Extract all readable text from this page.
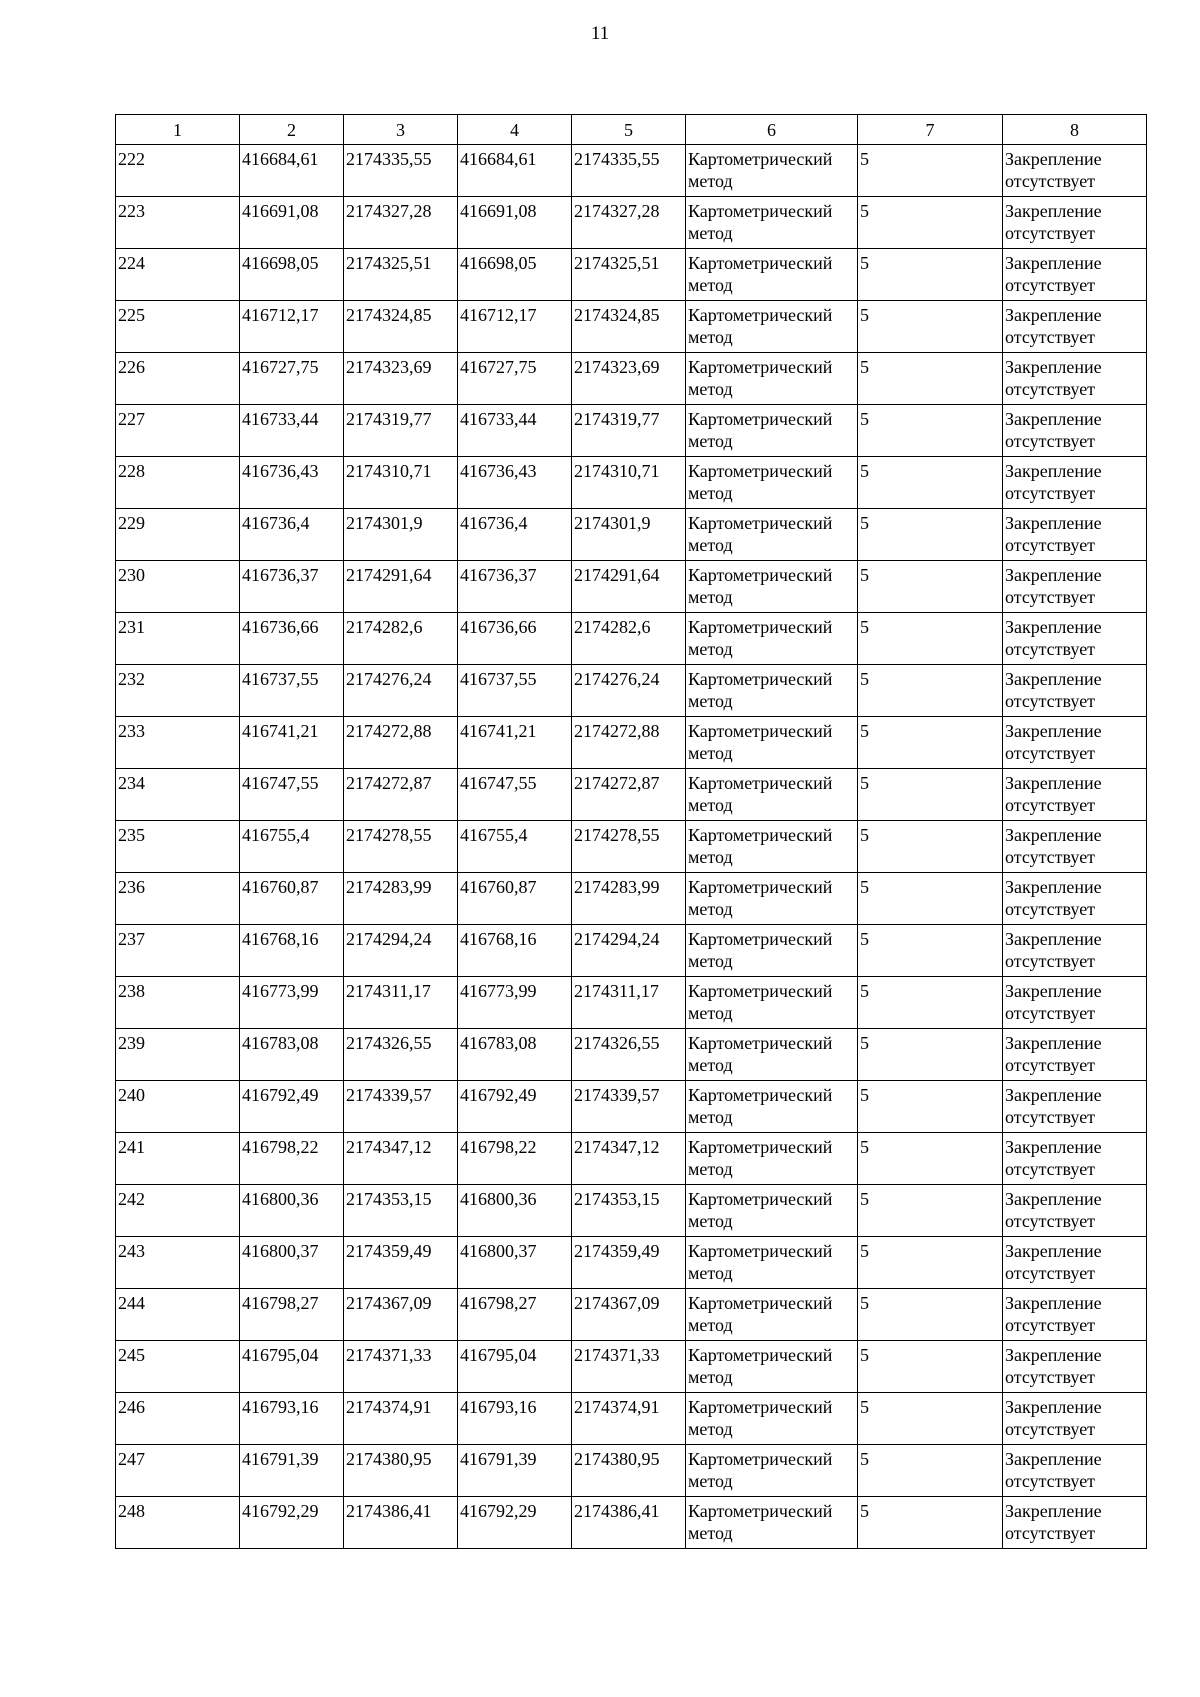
11
1	2	3	4	5	6	7	8
222	416684,61	2174335,55	416684,61	2174335,55	Картометрический метод	5	Закрепление отсутствует
223	416691,08	2174327,28	416691,08	2174327,28	Картометрический метод	5	Закрепление отсутствует
224	416698,05	2174325,51	416698,05	2174325,51	Картометрический метод	5	Закрепление отсутствует
225	416712,17	2174324,85	416712,17	2174324,85	Картометрический метод	5	Закрепление отсутствует
226	416727,75	2174323,69	416727,75	2174323,69	Картометрический метод	5	Закрепление отсутствует
227	416733,44	2174319,77	416733,44	2174319,77	Картометрический метод	5	Закрепление отсутствует
228	416736,43	2174310,71	416736,43	2174310,71	Картометрический метод	5	Закрепление отсутствует
229	416736,4	2174301,9	416736,4	2174301,9	Картометрический метод	5	Закрепление отсутствует
230	416736,37	2174291,64	416736,37	2174291,64	Картометрический метод	5	Закрепление отсутствует
231	416736,66	2174282,6	416736,66	2174282,6	Картометрический метод	5	Закрепление отсутствует
232	416737,55	2174276,24	416737,55	2174276,24	Картометрический метод	5	Закрепление отсутствует
233	416741,21	2174272,88	416741,21	2174272,88	Картометрический метод	5	Закрепление отсутствует
234	416747,55	2174272,87	416747,55	2174272,87	Картометрический метод	5	Закрепление отсутствует
235	416755,4	2174278,55	416755,4	2174278,55	Картометрический метод	5	Закрепление отсутствует
236	416760,87	2174283,99	416760,87	2174283,99	Картометрический метод	5	Закрепление отсутствует
237	416768,16	2174294,24	416768,16	2174294,24	Картометрический метод	5	Закрепление отсутствует
238	416773,99	2174311,17	416773,99	2174311,17	Картометрический метод	5	Закрепление отсутствует
239	416783,08	2174326,55	416783,08	2174326,55	Картометрический метод	5	Закрепление отсутствует
240	416792,49	2174339,57	416792,49	2174339,57	Картометрический метод	5	Закрепление отсутствует
241	416798,22	2174347,12	416798,22	2174347,12	Картометрический метод	5	Закрепление отсутствует
242	416800,36	2174353,15	416800,36	2174353,15	Картометрический метод	5	Закрепление отсутствует
243	416800,37	2174359,49	416800,37	2174359,49	Картометрический метод	5	Закрепление отсутствует
244	416798,27	2174367,09	416798,27	2174367,09	Картометрический метод	5	Закрепление отсутствует
245	416795,04	2174371,33	416795,04	2174371,33	Картометрический метод	5	Закрепление отсутствует
246	416793,16	2174374,91	416793,16	2174374,91	Картометрический метод	5	Закрепление отсутствует
247	416791,39	2174380,95	416791,39	2174380,95	Картометрический метод	5	Закрепление отсутствует
248	416792,29	2174386,41	416792,29	2174386,41	Картометрический метод	5	Закрепление отсутствует
